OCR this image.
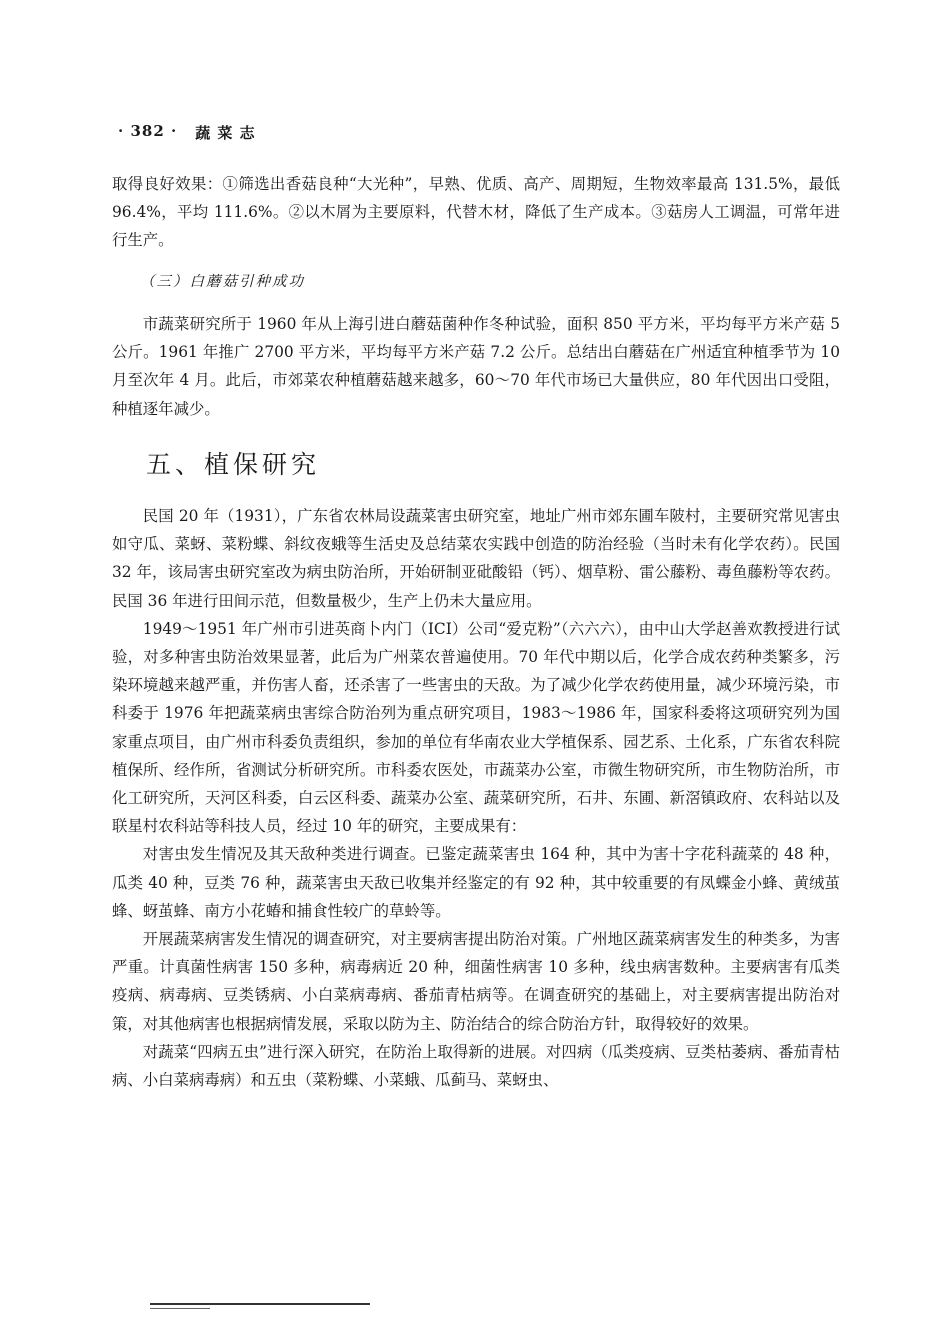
· 382 · 蔬 菜 志

取得良好效果：①筛选出香菇良种“大光种”，早熟、优质、高产、周期短，生物效率最高 131.5%，最低 96.4%，平均 111.6%。②以木屑为主要原料，代替木材，降低了生产成本。③菇房人工调温，可常年进行生产。

（三）白蘑菇引种成功

市蔬菜研究所于 1960 年从上海引进白蘑菇菌种作冬种试验，面积 850 平方米，平均每平方米产菇 5 公斤。1961 年推广 2700 平方米，平均每平方米产菇 7.2 公斤。总结出白蘑菇在广州适宜种植季节为 10 月至次年 4 月。此后，市郊菜农种植蘑菇越来越多，60～70 年代市场已大量供应，80 年代因出口受阻，种植逐年减少。

五、植保研究

民国 20 年（1931），广东省农林局设蔬菜害虫研究室，地址广州市郊东圃车陂村，主要研究常见害虫如守瓜、菜蚜、菜粉蝶、斜纹夜蛾等生活史及总结菜农实践中创造的防治经验（当时未有化学农药）。民国 32 年，该局害虫研究室改为病虫防治所，开始研制亚砒酸铅（钙）、烟草粉、雷公藤粉、毒鱼藤粉等农药。民国 36 年进行田间示范，但数量极少，生产上仍未大量应用。

1949～1951 年广州市引进英商卜内门（ICI）公司“爱克粉”（六六六），由中山大学赵善欢教授进行试验，对多种害虫防治效果显著，此后为广州菜农普遍使用。70 年代中期以后，化学合成农药种类繁多，污染环境越来越严重，并伤害人畜，还杀害了一些害虫的天敌。为了减少化学农药使用量，减少环境污染，市科委于 1976 年把蔬菜病虫害综合防治列为重点研究项目，1983～1986 年，国家科委将这项研究列为国家重点项目，由广州市科委负责组织，参加的单位有华南农业大学植保系、园艺系、土化系，广东省农科院植保所、经作所，省测试分析研究所。市科委农医处，市蔬菜办公室，市微生物研究所，市生物防治所，市化工研究所，天河区科委，白云区科委、蔬菜办公室、蔬菜研究所，石井、东圃、新滘镇政府、农科站以及联星村农科站等科技人员，经过 10 年的研究，主要成果有：

对害虫发生情况及其天敌种类进行调查。已鉴定蔬菜害虫 164 种，其中为害十字花科蔬菜的 48 种，瓜类 40 种，豆类 76 种，蔬菜害虫天敌已收集并经鉴定的有 92 种，其中较重要的有凤蝶金小蜂、黄绒茧蜂、蚜茧蜂、南方小花蝽和捕食性较广的草蛉等。

开展蔬菜病害发生情况的调查研究，对主要病害提出防治对策。广州地区蔬菜病害发生的种类多，为害严重。计真菌性病害 150 多种，病毒病近 20 种，细菌性病害 10 多种，线虫病害数种。主要病害有瓜类疫病、病毒病、豆类锈病、小白菜病毒病、番茄青枯病等。在调查研究的基础上，对主要病害提出防治对策，对其他病害也根据病情发展，采取以防为主、防治结合的综合防治方针，取得较好的效果。

对蔬菜“四病五虫”进行深入研究，在防治上取得新的进展。对四病（瓜类疫病、豆类枯萎病、番茄青枯病、小白菜病毒病）和五虫（菜粉蝶、小菜蛾、瓜蓟马、菜蚜虫、
